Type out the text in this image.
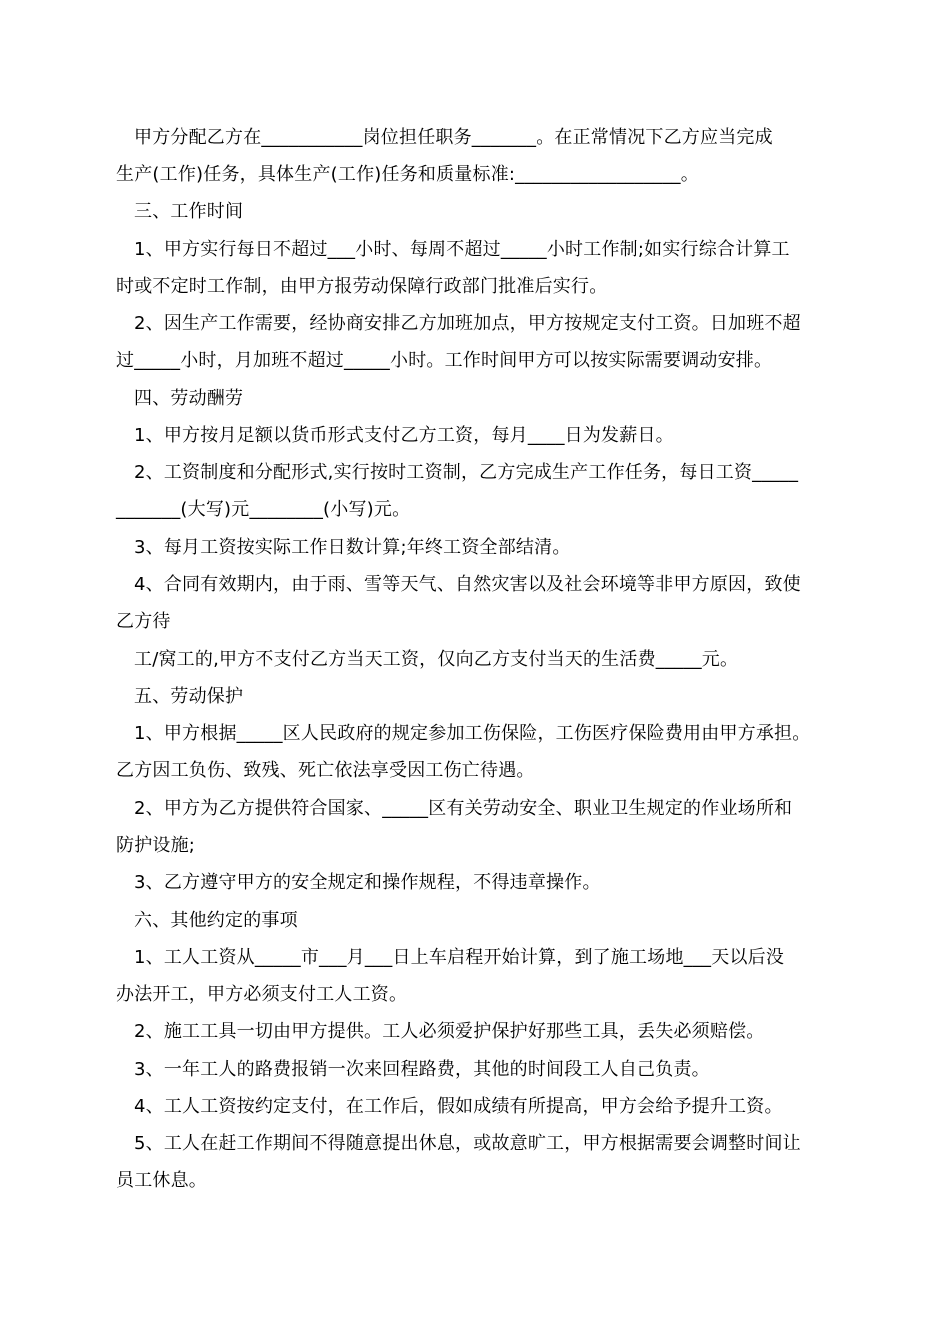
甲方分配乙方在___________岗位担任职务_______。在正常情况下乙方应当完成
生产(工作)任务，具体生产(工作)任务和质量标准:__________________。
三、工作时间
1、甲方实行每日不超过___小时、每周不超过_____小时工作制;如实行综合计算工
时或不定时工作制，由甲方报劳动保障行政部门批准后实行。
2、因生产工作需要，经协商安排乙方加班加点，甲方按规定支付工资。日加班不超
过_____小时，月加班不超过_____小时。工作时间甲方可以按实际需要调动安排。
四、劳动酬劳
1、甲方按月足额以货币形式支付乙方工资，每月____日为发薪日。
2、工资制度和分配形式,实行按时工资制，乙方完成生产工作任务，每日工资_____
_______(大写)元________(小写)元。
3、每月工资按实际工作日数计算;年终工资全部结清。
4、合同有效期内，由于雨、雪等天气、自然灾害以及社会环境等非甲方原因，致使
乙方待
工/窝工的,甲方不支付乙方当天工资，仅向乙方支付当天的生活费_____元。
五、劳动保护
1、甲方根据_____区人民政府的规定参加工伤保险，工伤医疗保险费用由甲方承担。
乙方因工负伤、致残、死亡依法享受因工伤亡待遇。
2、甲方为乙方提供符合国家、_____区有关劳动安全、职业卫生规定的作业场所和
防护设施;
3、乙方遵守甲方的安全规定和操作规程，不得违章操作。
六、其他约定的事项
1、工人工资从_____市___月___日上车启程开始计算，到了施工场地___天以后没
办法开工，甲方必须支付工人工资。
2、施工工具一切由甲方提供。工人必须爱护保护好那些工具，丢失必须赔偿。
3、一年工人的路费报销一次来回程路费，其他的时间段工人自己负责。
4、工人工资按约定支付，在工作后，假如成绩有所提高，甲方会给予提升工资。
5、工人在赶工作期间不得随意提出休息，或故意旷工，甲方根据需要会调整时间让
员工休息。
